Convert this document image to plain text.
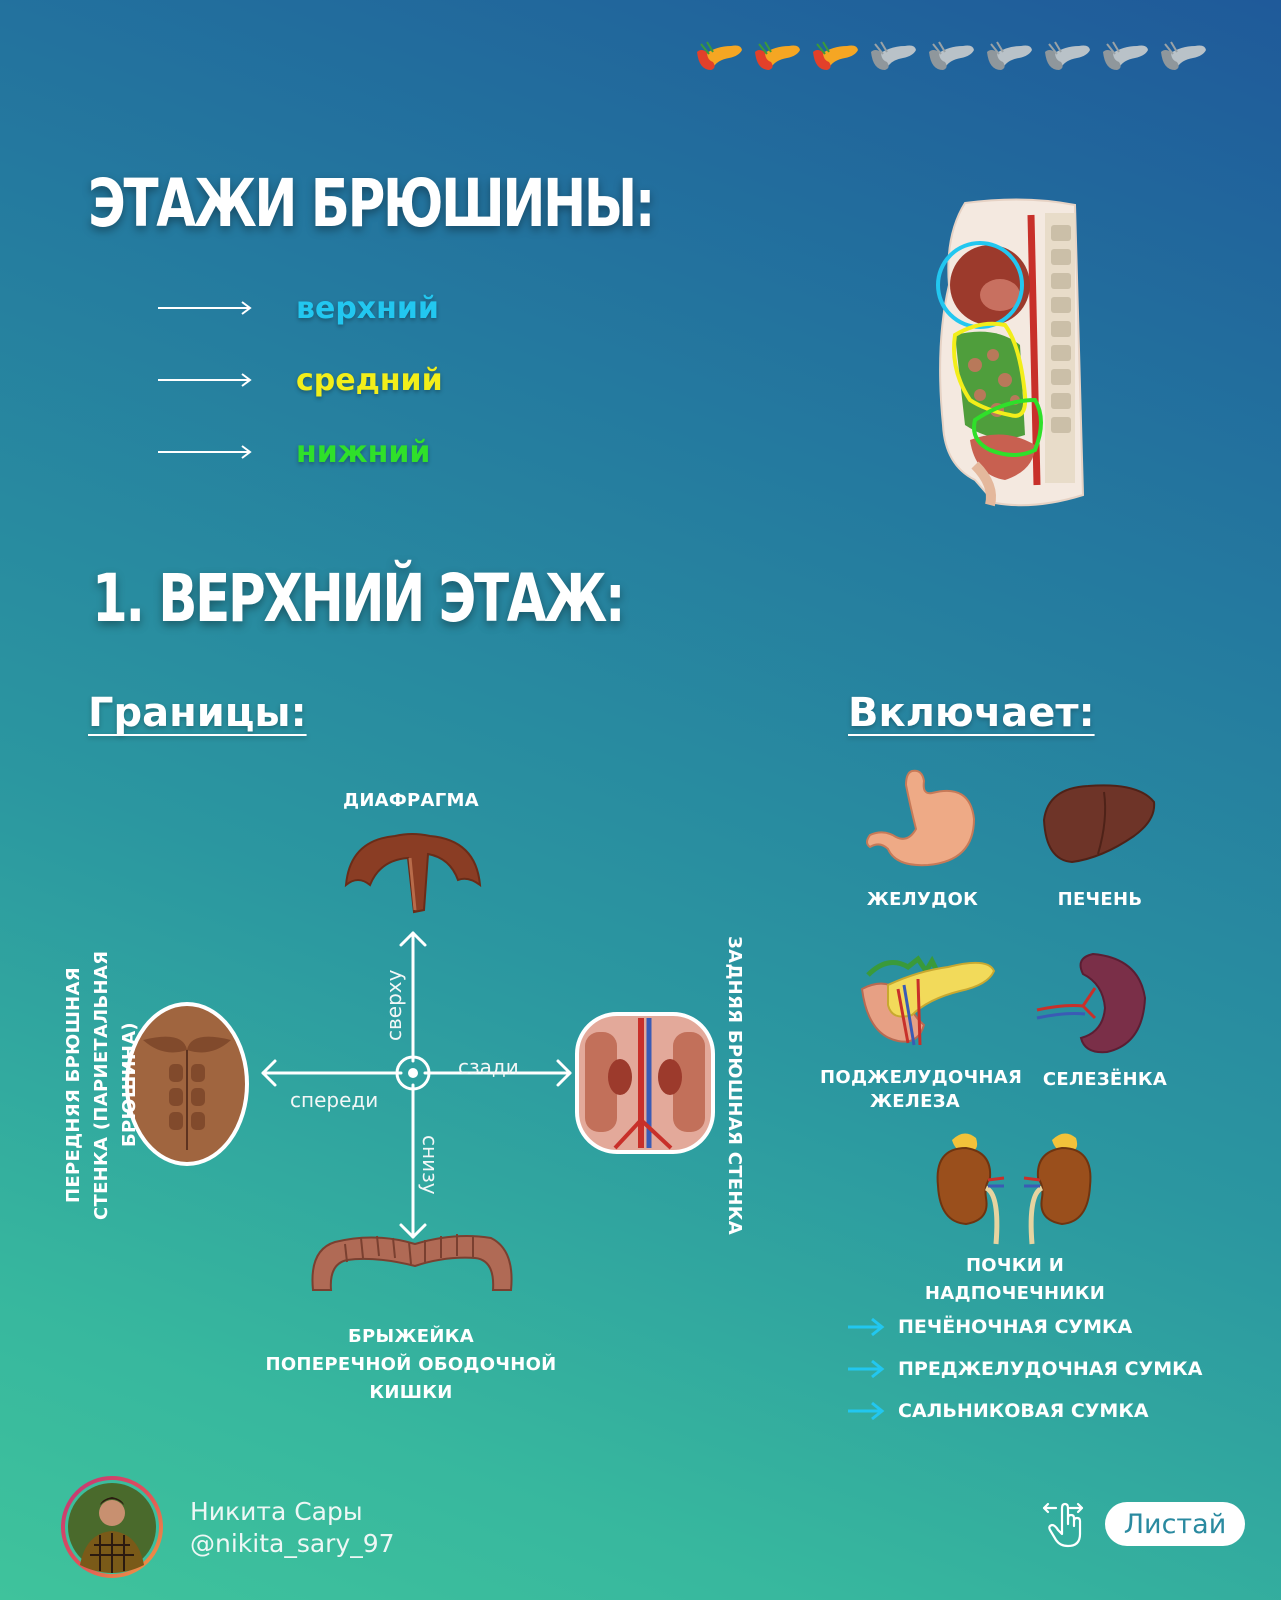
ЭТАЖИ БРЮШИНЫ:
верхний
средний
нижний
1. ВЕРХНИЙ ЭТАЖ:
Границы:	Включает:
ДИАФРАГМА
сверху
снизу
спереди
сзади
ПЕРЕДНЯЯ БРЮШНАЯ СТЕНКА (ПАРИЕТАЛЬНАЯ БРЮШИНА)	ЗАДНЯЯ БРЮШНАЯ СТЕНКА
БРЫЖЕЙКА
ПОПЕРЕЧНОЙ ОБОДОЧНОЙ
КИШКИ
ЖЕЛУДОК	ПЕЧЕНЬ
ПОДЖЕЛУДОЧНАЯ
ЖЕЛЕЗА
СЕЛЕЗЁНКА
ПОЧКИ И НАДПОЧЕЧНИКИ
ПЕЧЁНОЧНАЯ СУМКА
ПРЕДЖЕЛУДОЧНАЯ СУМКА
САЛЬНИКОВАЯ СУМКА
Никита Сары
@nikita_sary_97
Листай
